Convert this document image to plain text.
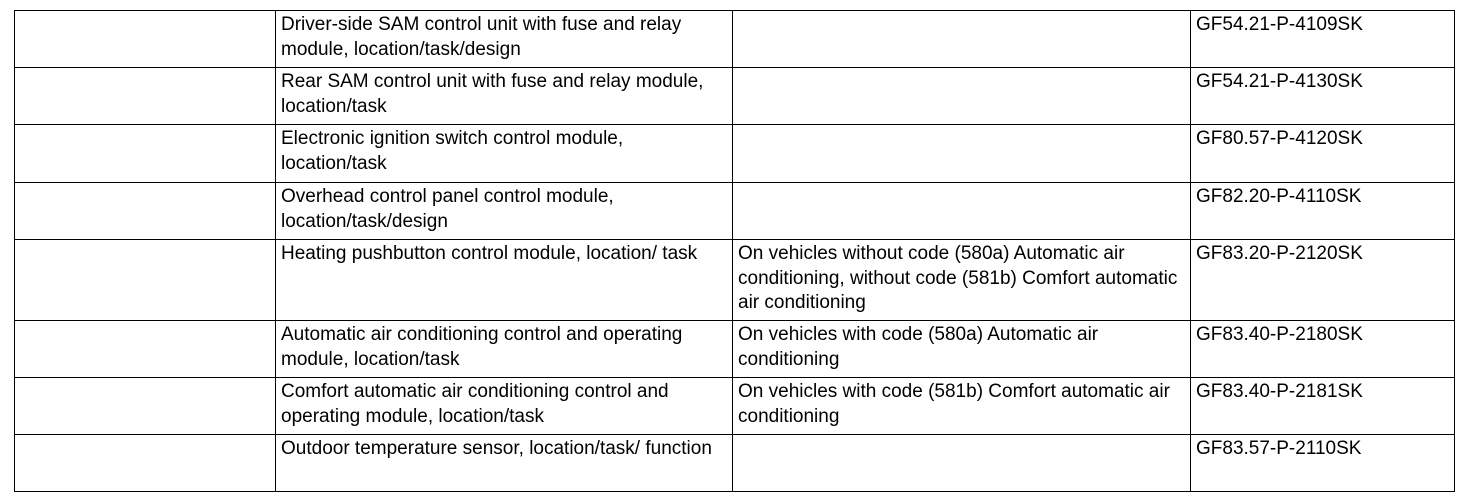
	Driver-side SAM control unit with fuse and relay module, location/task/design		GF54.21-P-4109SK
	Rear SAM control unit with fuse and relay module, location/task		GF54.21-P-4130SK
	Electronic ignition switch control module, location/task		GF80.57-P-4120SK
	Overhead control panel control module, location/task/design		GF82.20-P-4110SK
	Heating pushbutton control module, location/ task	On vehicles without code (580a) Automatic air conditioning, without code (581b) Comfort automatic air conditioning	GF83.20-P-2120SK
	Automatic air conditioning control and operating module, location/task	On vehicles with code (580a) Automatic air conditioning	GF83.40-P-2180SK
	Comfort automatic air conditioning control and operating module, location/task	On vehicles with code (581b) Comfort automatic air conditioning	GF83.40-P-2181SK
	Outdoor temperature sensor, location/task/ function		GF83.57-P-2110SK
